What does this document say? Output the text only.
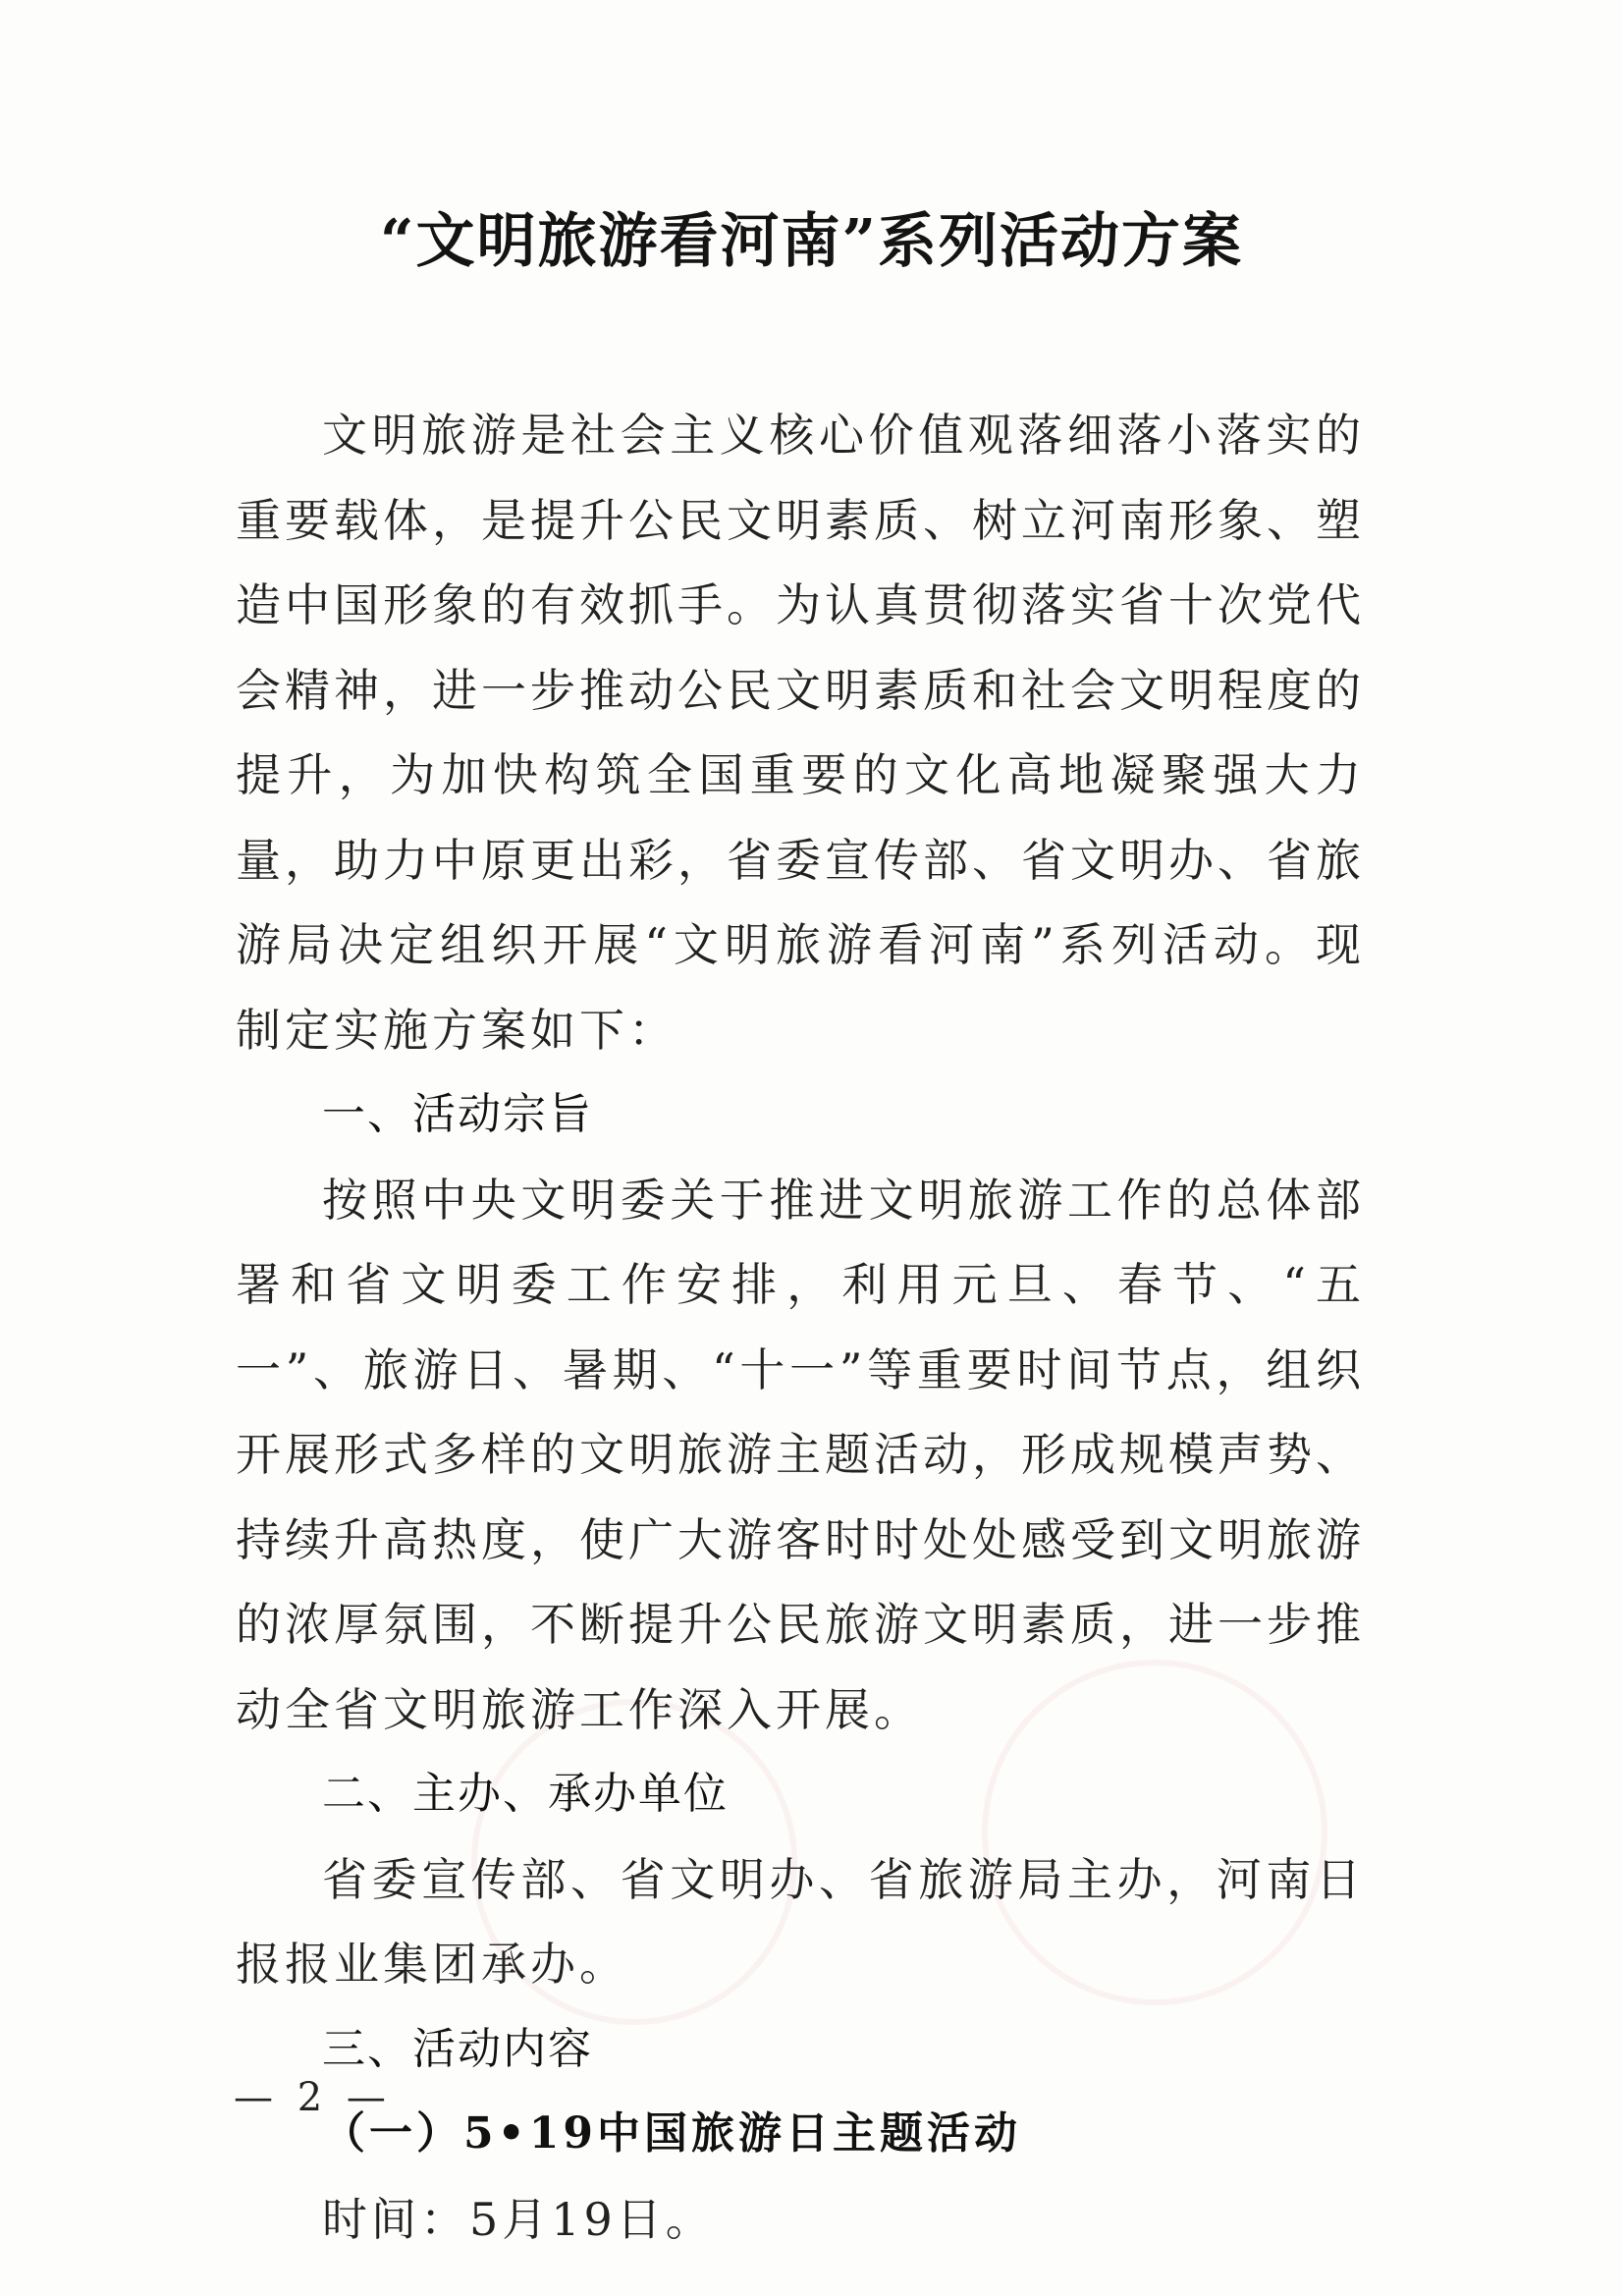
“文明旅游看河南”系列活动方案

文明旅游是社会主义核心价值观落细落小落实的重要载体，是提升公民文明素质、树立河南形象、塑造中国形象的有效抓手。为认真贯彻落实省十次党代会精神，进一步推动公民文明素质和社会文明程度的提升，为加快构筑全国重要的文化高地凝聚强大力量，助力中原更出彩，省委宣传部、省文明办、省旅游局决定组织开展“文明旅游看河南”系列活动。现制定实施方案如下：

一、活动宗旨

按照中央文明委关于推进文明旅游工作的总体部署和省文明委工作安排，利用元旦、春节、“五一”、旅游日、暑期、“十一”等重要时间节点，组织开展形式多样的文明旅游主题活动，形成规模声势、持续升高热度，使广大游客时时处处感受到文明旅游的浓厚氛围，不断提升公民旅游文明素质，进一步推动全省文明旅游工作深入开展。

二、主办、承办单位

省委宣传部、省文明办、省旅游局主办，河南日报报业集团承办。

三、活动内容

（一）5•19中国旅游日主题活动

时间：5月19日。

— 2 —
